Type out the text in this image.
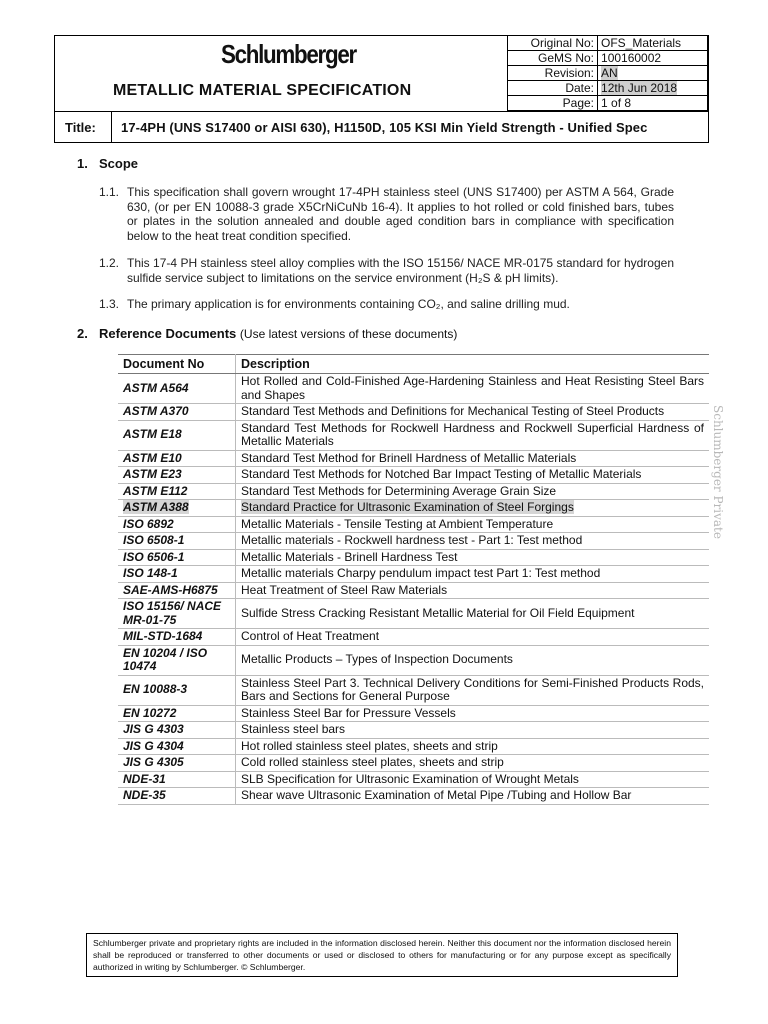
Schlumberger
METALLIC MATERIAL SPECIFICATION
Original No:	OFS_Materials
GeMS No:	100160002
Revision:	AN
Date:	12th Jun 2018
Page:	1 of 8
Title: 17-4PH (UNS S17400 or AISI 630), H1150D, 105 KSI Min Yield Strength - Unified Spec
1. Scope
1.1. This specification shall govern wrought 17-4PH stainless steel (UNS S17400) per ASTM A 564, Grade 630, (or per EN 10088-3 grade X5CrNiCuNb 16-4). It applies to hot rolled or cold finished bars, tubes or plates in the solution annealed and double aged condition bars in compliance with specification below to the heat treat condition specified.
1.2. This 17-4 PH stainless steel alloy complies with the ISO 15156/ NACE MR-0175 standard for hydrogen sulfide service subject to limitations on the service environment (H₂S & pH limits).
1.3. The primary application is for environments containing CO₂, and saline drilling mud.
2. Reference Documents (Use latest versions of these documents)
Document No	Description
ASTM A564	Hot Rolled and Cold-Finished Age-Hardening Stainless and Heat Resisting Steel Bars and Shapes
ASTM A370	Standard Test Methods and Definitions for Mechanical Testing of Steel Products
ASTM E18	Standard Test Methods for Rockwell Hardness and Rockwell Superficial Hardness of Metallic Materials
ASTM E10	Standard Test Method for Brinell Hardness of Metallic Materials
ASTM E23	Standard Test Methods for Notched Bar Impact Testing of Metallic Materials
ASTM E112	Standard Test Methods for Determining Average Grain Size
ASTM A388	Standard Practice for Ultrasonic Examination of Steel Forgings
ISO 6892	Metallic Materials - Tensile Testing at Ambient Temperature
ISO 6508-1	Metallic materials - Rockwell hardness test - Part 1: Test method
ISO 6506-1	Metallic Materials - Brinell Hardness Test
ISO 148-1	Metallic materials Charpy pendulum impact test Part 1: Test method
SAE-AMS-H6875	Heat Treatment of Steel Raw Materials
ISO 15156/ NACE MR-01-75	Sulfide Stress Cracking Resistant Metallic Material for Oil Field Equipment
MIL-STD-1684	Control of Heat Treatment
EN 10204 / ISO 10474	Metallic Products – Types of Inspection Documents
EN 10088-3	Stainless Steel Part 3. Technical Delivery Conditions for Semi-Finished Products Rods, Bars and Sections for General Purpose
EN 10272	Stainless Steel Bar for Pressure Vessels
JIS G 4303	Stainless steel bars
JIS G 4304	Hot rolled stainless steel plates, sheets and strip
JIS G 4305	Cold rolled stainless steel plates, sheets and strip
NDE-31	SLB Specification for Ultrasonic Examination of Wrought Metals
NDE-35	Shear wave Ultrasonic Examination of Metal Pipe /Tubing and Hollow Bar
Schlumberger Private
Schlumberger private and proprietary rights are included in the information disclosed herein. Neither this document nor the information disclosed herein shall be reproduced or transferred to other documents or used or disclosed to others for manufacturing or for any purpose except as specifically authorized in writing by Schlumberger. © Schlumberger.
